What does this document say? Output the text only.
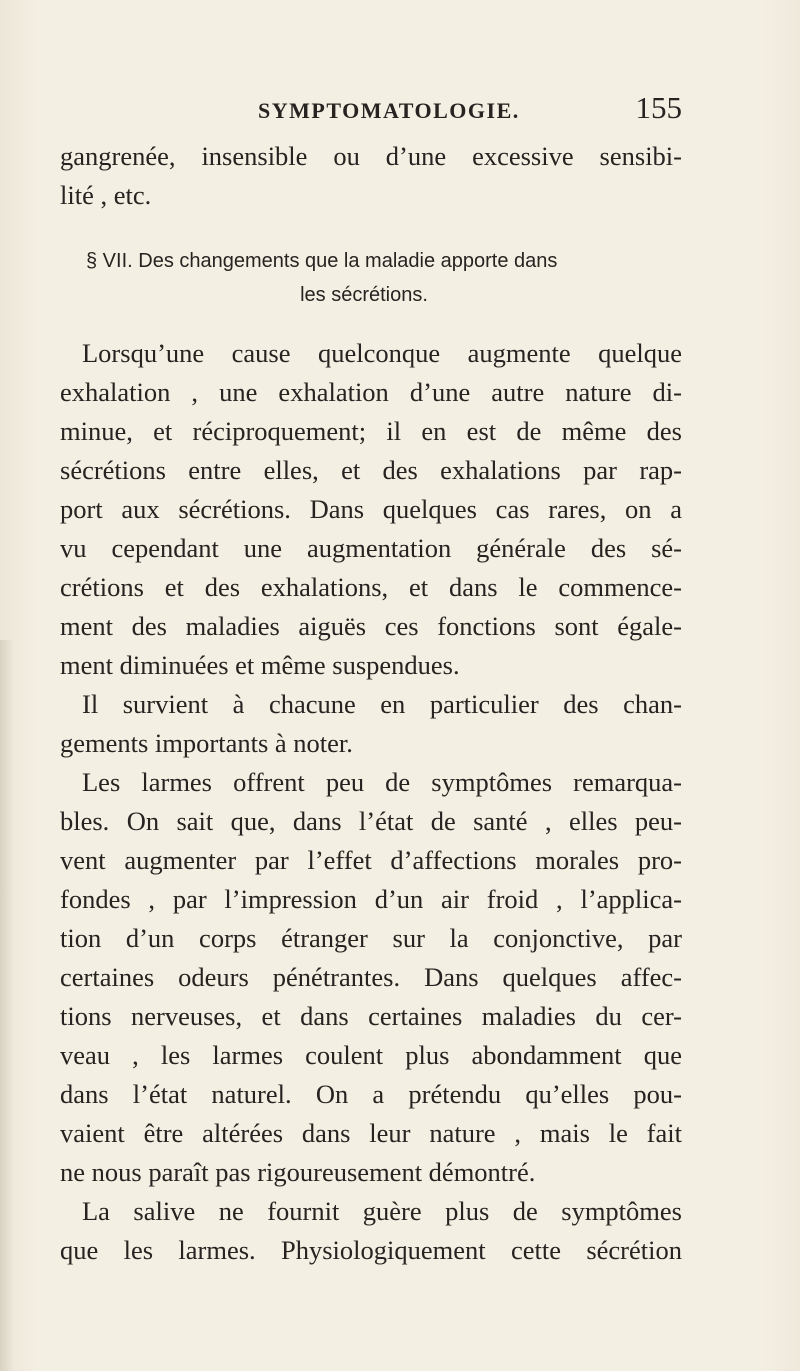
SYMPTOMATOLOGIE.	155
gangrenée, insensible ou d’une excessive sensibi-
lité , etc.
§ VII. Des changements que la maladie apporte dans
les sécrétions.
Lorsqu’une cause quelconque augmente quelque
exhalation , une exhalation d’une autre nature di-
minue, et réciproquement; il en est de même des
sécrétions entre elles, et des exhalations par rap-
port aux sécrétions. Dans quelques cas rares, on a
vu cependant une augmentation générale des sé-
crétions et des exhalations, et dans le commence-
ment des maladies aiguës ces fonctions sont égale-
ment diminuées et même suspendues.
Il survient à chacune en particulier des chan-
gements importants à noter.
Les larmes offrent peu de symptômes remarqua-
bles. On sait que, dans l’état de santé , elles peu-
vent augmenter par l’effet d’affections morales pro-
fondes , par l’impression d’un air froid , l’applica-
tion d’un corps étranger sur la conjonctive, par
certaines odeurs pénétrantes. Dans quelques affec-
tions nerveuses, et dans certaines maladies du cer-
veau , les larmes coulent plus abondamment que
dans l’état naturel. On a prétendu qu’elles pou-
vaient être altérées dans leur nature , mais le fait
ne nous paraît pas rigoureusement démontré.
La salive ne fournit guère plus de symptômes
que les larmes. Physiologiquement cette sécrétion
